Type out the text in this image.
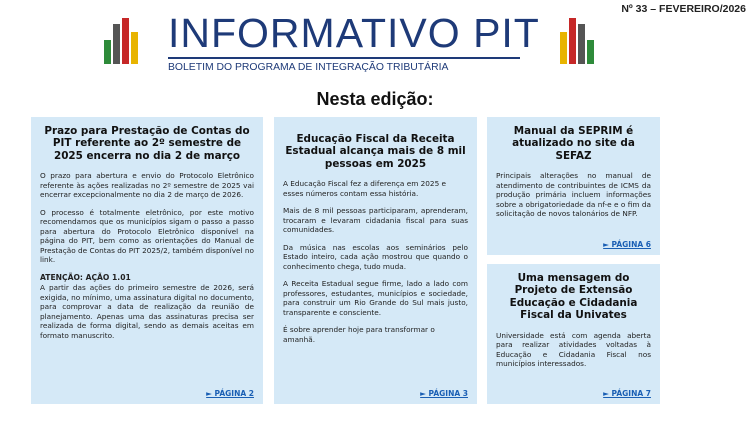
Nº 33 – FEVEREIRO/2026
INFORMATIVO PIT
BOLETIM DO PROGRAMA DE INTEGRAÇÃO TRIBUTÁRIA
Nesta edição:
Prazo para Prestação de Contas do PIT referente ao 2º semestre de 2025 encerra no dia 2 de março

O prazo para abertura e envio do Protocolo Eletrônico referente às ações realizadas no 2º semestre de 2025 vai encerrar excepcionalmente no dia 2 de março de 2026.

O processo é totalmente eletrônico, por este motivo recomendamos que os municípios sigam o passo a passo para abertura do Protocolo Eletrônico disponível na página do PIT, bem como as orientações do Manual de Prestação de Contas do PIT 2025/2, também disponível no link.

ATENÇÃO: AÇÃO 1.01

A partir das ações do primeiro semestre de 2026, será exigida, no mínimo, uma assinatura digital no documento, para comprovar a data de realização da reunião de planejamento. Apenas uma das assinaturas precisa ser realizada de forma digital, sendo as demais aceitas em formato manuscrito.

► PÁGINA 2
Educação Fiscal da Receita Estadual alcança mais de 8 mil pessoas em 2025

A Educação Fiscal fez a diferença em 2025 e esses números contam essa história.

Mais de 8 mil pessoas participaram, aprenderam, trocaram e levaram cidadania fiscal para suas comunidades.

Da música nas escolas aos seminários pelo Estado inteiro, cada ação mostrou que quando o conhecimento chega, tudo muda.

A Receita Estadual segue firme, lado a lado com professores, estudantes, municípios e sociedade, para construir um Rio Grande do Sul mais justo, transparente e consciente.

É sobre aprender hoje para transformar o amanhã.

► PÁGINA 3
Manual da SEPRIM é atualizado no site da SEFAZ

Principais alterações no manual de atendimento de contribuintes de ICMS da produção primária incluem informações sobre a obrigatoriedade da nf-e e o fim da solicitação de novos talonários de NFP.

► PÁGINA 6
Uma mensagem do Projeto de Extensão Educação e Cidadania Fiscal da Univates

Universidade está com agenda aberta para realizar atividades voltadas à Educação e Cidadania Fiscal nos municípios interessados.

► PÁGINA 7
